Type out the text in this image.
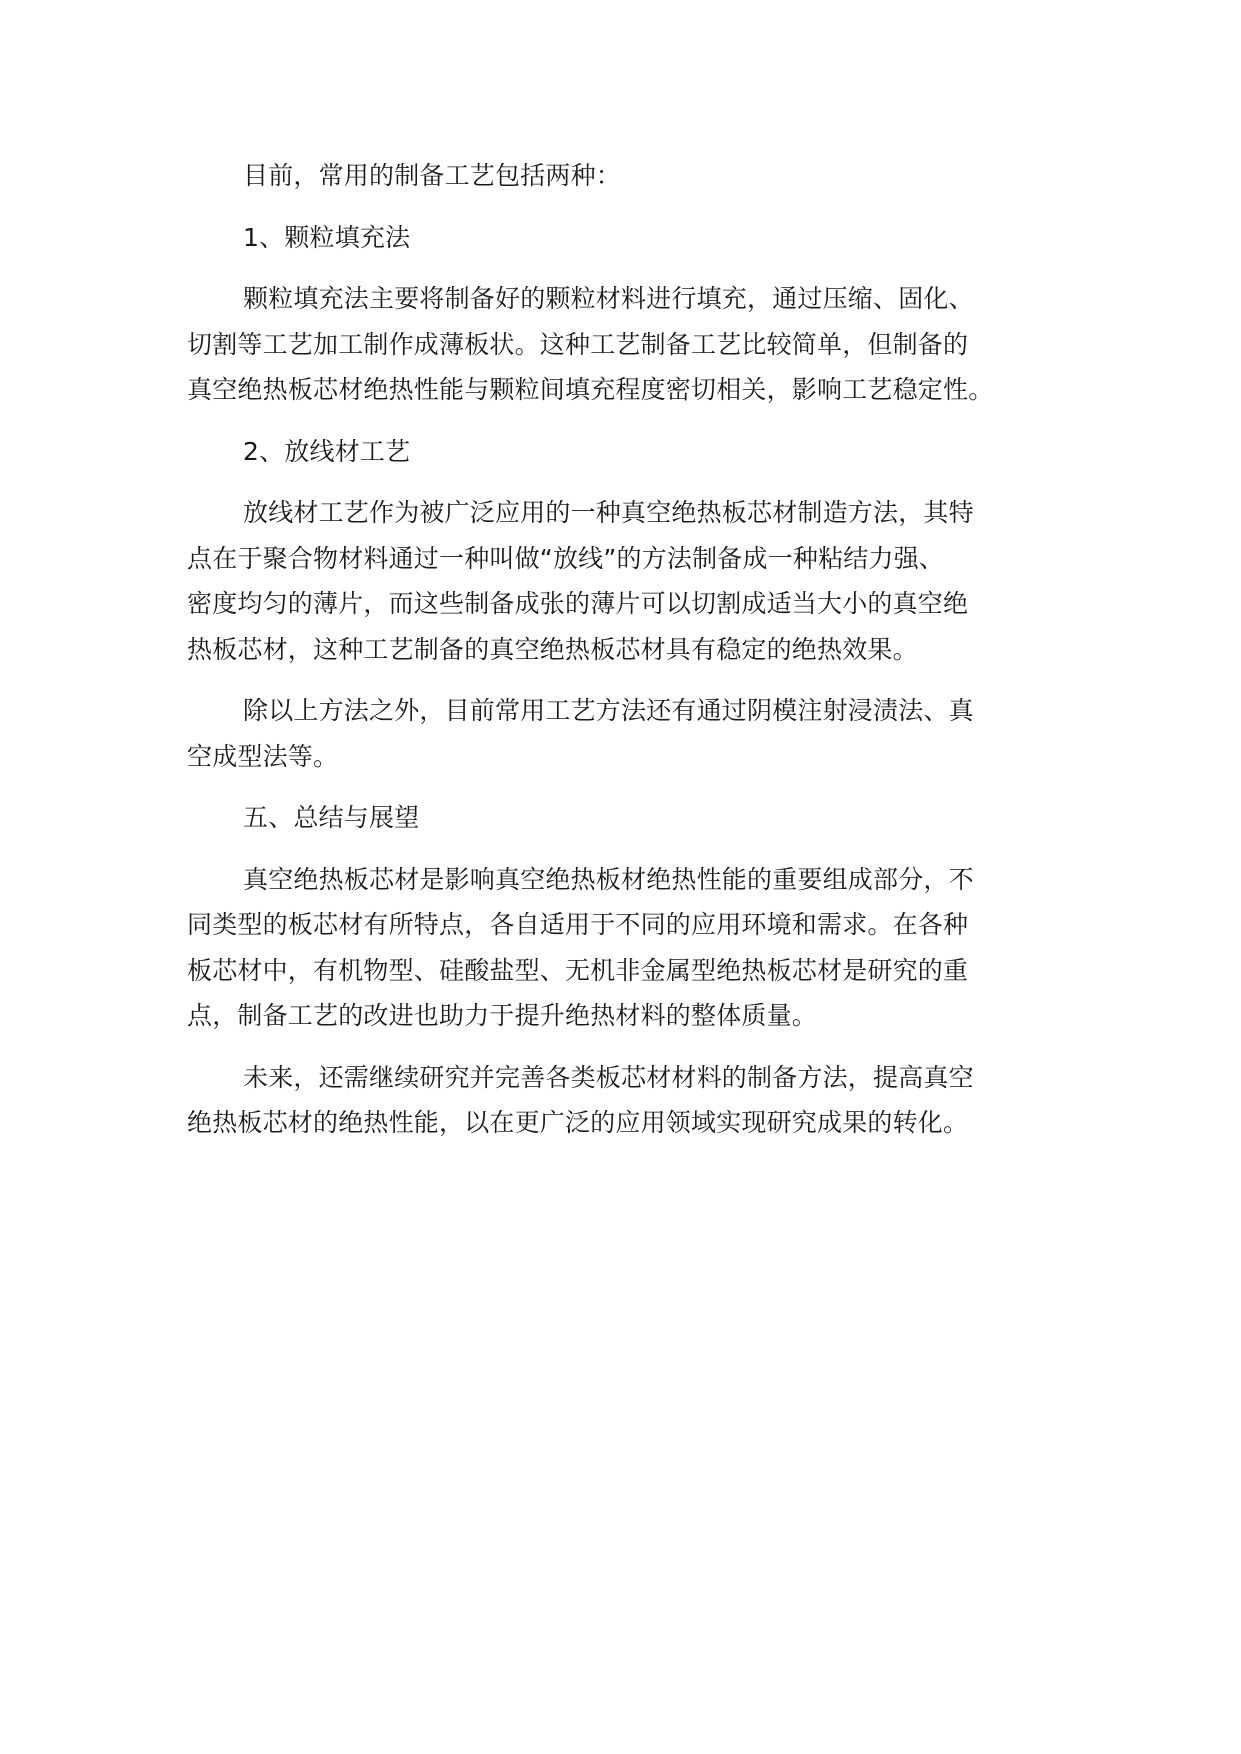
目前，常用的制备工艺包括两种：

1、颗粒填充法

颗粒填充法主要将制备好的颗粒材料进行填充，通过压缩、固化、
切割等工艺加工制作成薄板状。这种工艺制备工艺比较简单，但制备的
真空绝热板芯材绝热性能与颗粒间填充程度密切相关，影响工艺稳定性。

2、放线材工艺

放线材工艺作为被广泛应用的一种真空绝热板芯材制造方法，其特
点在于聚合物材料通过一种叫做“放线”的方法制备成一种粘结力强、
密度均匀的薄片，而这些制备成张的薄片可以切割成适当大小的真空绝
热板芯材，这种工艺制备的真空绝热板芯材具有稳定的绝热效果。

除以上方法之外，目前常用工艺方法还有通过阴模注射浸渍法、真
空成型法等。

五、总结与展望

真空绝热板芯材是影响真空绝热板材绝热性能的重要组成部分，不
同类型的板芯材有所特点，各自适用于不同的应用环境和需求。在各种
板芯材中，有机物型、硅酸盐型、无机非金属型绝热板芯材是研究的重
点，制备工艺的改进也助力于提升绝热材料的整体质量。

未来，还需继续研究并完善各类板芯材材料的制备方法，提高真空
绝热板芯材的绝热性能，以在更广泛的应用领域实现研究成果的转化。
